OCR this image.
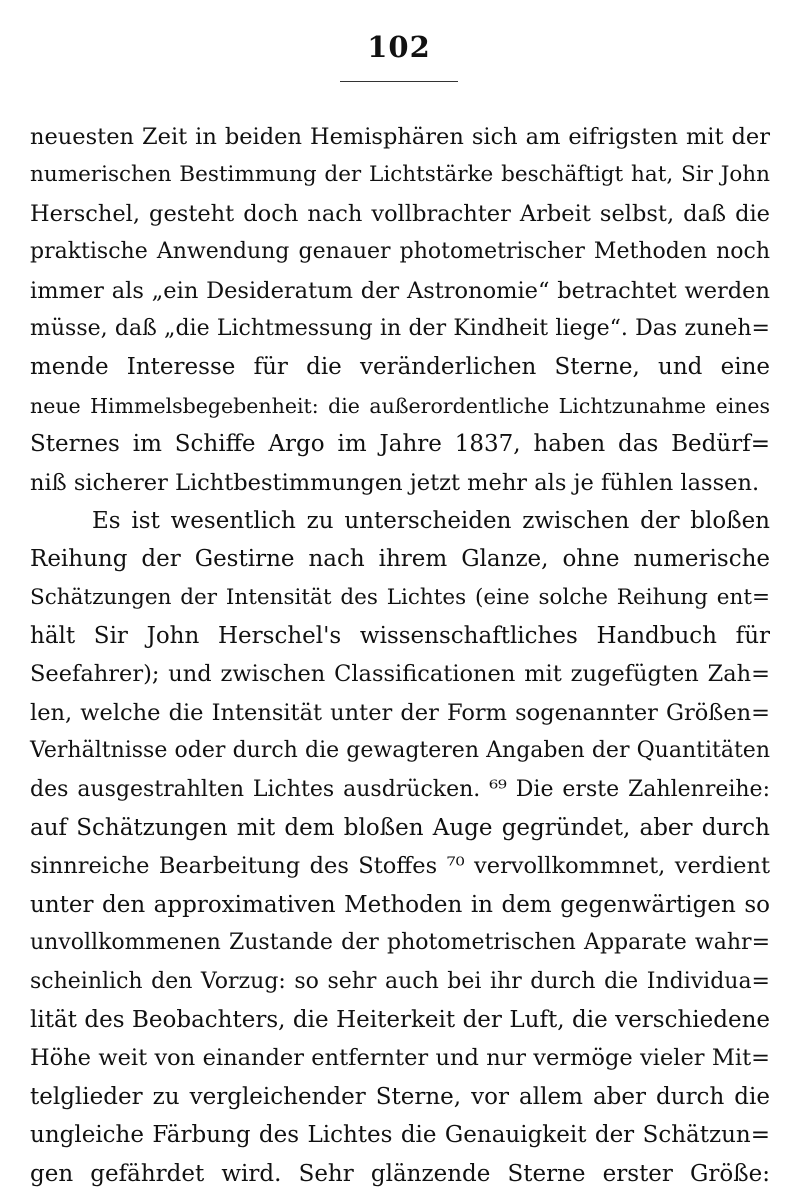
102
neuesten Zeit in beiden Hemisphären sich am eifrigsten mit der
numerischen Bestimmung der Lichtstärke beschäftigt hat, Sir John
Herschel, gesteht doch nach vollbrachter Arbeit selbst, daß die
praktische Anwendung genauer photometrischer Methoden noch
immer als „ein Desideratum der Astronomie“ betrachtet werden
müsse, daß „die Lichtmessung in der Kindheit liege“. Das zuneh=
mende Interesse für die veränderlichen Sterne, und eine
neue Himmelsbegebenheit: die außerordentliche Lichtzunahme eines
Sternes im Schiffe Argo im Jahre 1837, haben das Bedürf=
niß sicherer Lichtbestimmungen jetzt mehr als je fühlen lassen.
Es ist wesentlich zu unterscheiden zwischen der bloßen
Reihung der Gestirne nach ihrem Glanze, ohne numerische
Schätzungen der Intensität des Lichtes (eine solche Reihung ent=
hält Sir John Herschel's wissenschaftliches Handbuch für
Seefahrer); und zwischen Classificationen mit zugefügten Zah=
len, welche die Intensität unter der Form sogenannter Größen=
Verhältnisse oder durch die gewagteren Angaben der Quantitäten
des ausgestrahlten Lichtes ausdrücken. ⁶⁹ Die erste Zahlenreihe:
auf Schätzungen mit dem bloßen Auge gegründet, aber durch
sinnreiche Bearbeitung des Stoffes ⁷⁰ vervollkommnet, verdient
unter den approximativen Methoden in dem gegenwärtigen so
unvollkommenen Zustande der photometrischen Apparate wahr=
scheinlich den Vorzug: so sehr auch bei ihr durch die Individua=
lität des Beobachters, die Heiterkeit der Luft, die verschiedene
Höhe weit von einander entfernter und nur vermöge vieler Mit=
telglieder zu vergleichender Sterne, vor allem aber durch die
ungleiche Färbung des Lichtes die Genauigkeit der Schätzun=
gen gefährdet wird. Sehr glänzende Sterne erster Größe:
